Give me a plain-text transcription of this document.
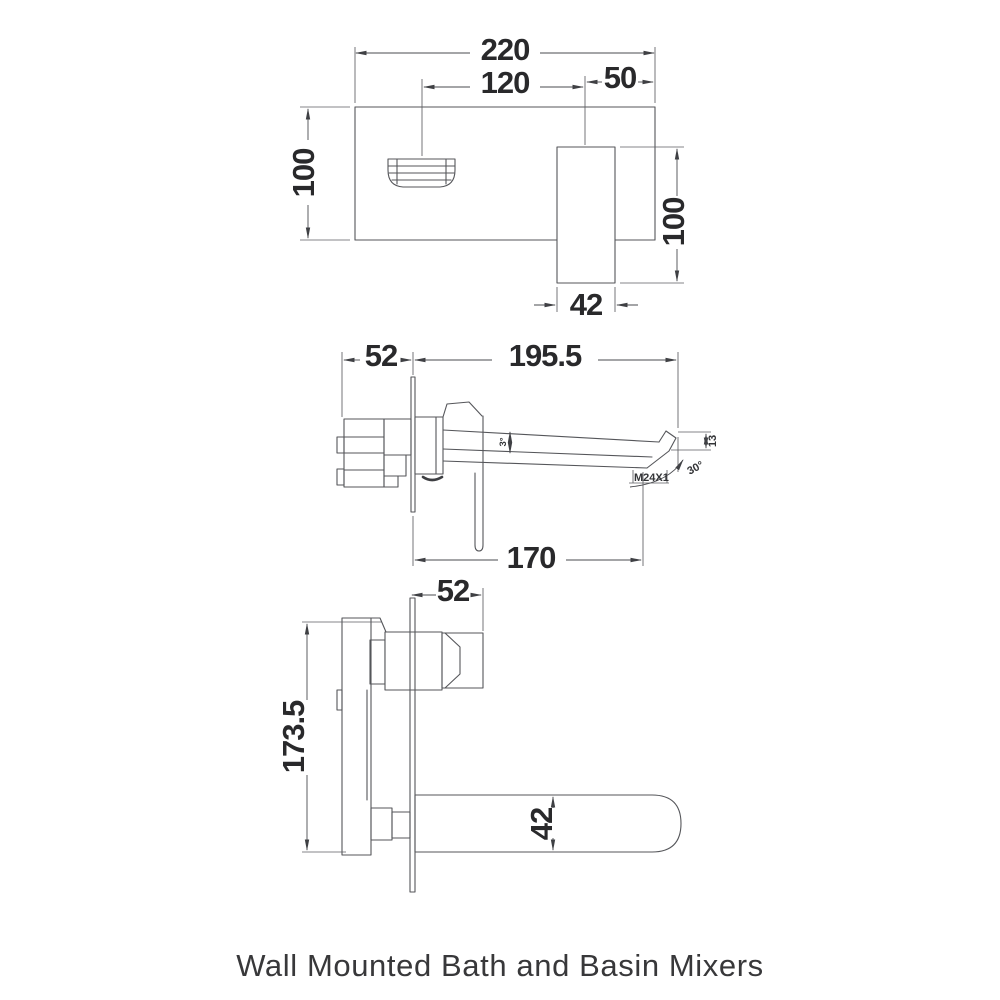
220
120 50
100
100
42
52	195.5
3°	13
30°
M24X1
170
52
173.5
42
Wall Mounted Bath and Basin Mixers
